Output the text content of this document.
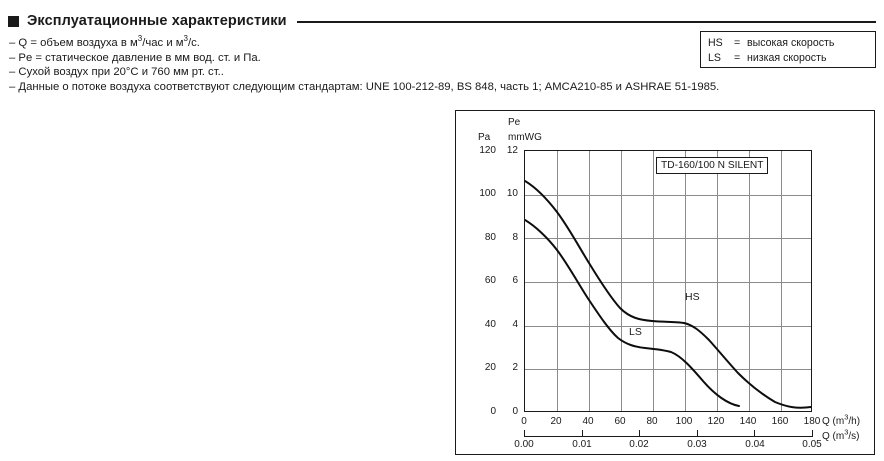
Эксплуатационные характеристики
– Q = объем воздуха в $м^3$/час и $м^3/с$.
– Pe = статическое давление в мм вод. ст. и Па.
– Сухой воздух при 20°C и 760 мм рт. ст..
– Данные о потоке воздуха соответствуют следующим стандартам: UNE 100-212-89, BS 848, часть 1; AMCA210-85 и ASHRAE 51-1985.
HS	= высокая скорость
LS	= низкая скорость
Pe
Pa mmWG
120
100
80
60
40
20
0
12
10
8
6
4
2
0
HS
LS
TD-160/100 N SILENT
0	20	40	60	80	100	120	140	160	180 Q $(m^3/h)$
0.00	0.01	0.02	0.03	0.04	0.05
Q $(m^3/s)$
